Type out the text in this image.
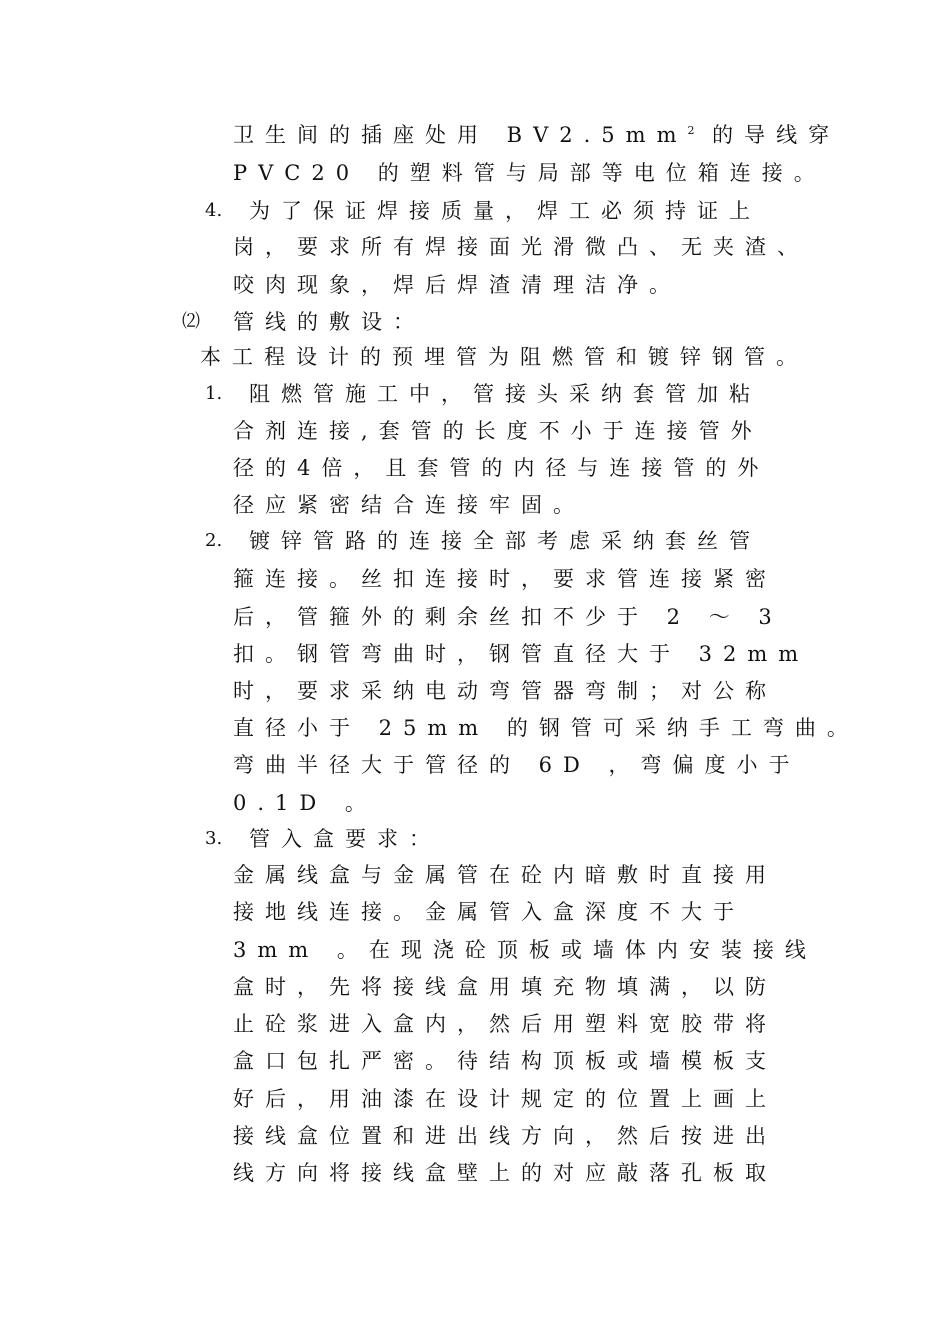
卫生间的插座处用 $BV2.5mm^2$ 的导线穿
PVC20 的塑料管与局部等电位箱连接。
4. 为了保证焊接质量，焊工必须持证上
岗，要求所有焊接面光滑微凸、无夹渣、
咬肉现象，焊后焊渣清理洁净。
⑵ 管线的敷设：
本工程设计的预埋管为阻燃管和镀锌钢管。
1. 阻燃管施工中，管接头采纳套管加粘
合剂连接,套管的长度不小于连接管外
径的4倍，且套管的内径与连接管的外
径应紧密结合连接牢固。
2. 镀锌管路的连接全部考虑采纳套丝管
箍连接。丝扣连接时，要求管连接紧密
后，管箍外的剩余丝扣不少于 2 ～ 3
扣。钢管弯曲时，钢管直径大于 32mm
时，要求采纳电动弯管器弯制；对公称
直径小于 25mm 的钢管可采纳手工弯曲。
弯曲半径大于管径的 6D ，弯偏度小于
0.1D 。
3. 管入盒要求：
金属线盒与金属管在砼内暗敷时直接用
接地线连接。金属管入盒深度不大于
3mm 。在现浇砼顶板或墙体内安装接线
盒时，先将接线盒用填充物填满，以防
止砼浆进入盒内，然后用塑料宽胶带将
盒口包扎严密。待结构顶板或墙模板支
好后，用油漆在设计规定的位置上画上
接线盒位置和进出线方向，然后按进出
线方向将接线盒壁上的对应敲落孔板取
